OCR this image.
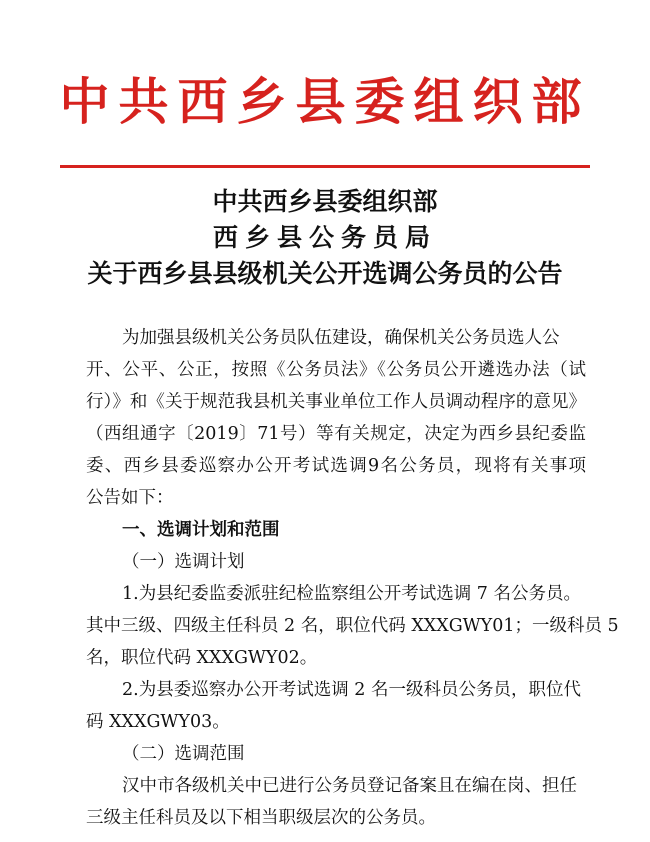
中共西乡县委组织部
中共西乡县委组织部
西乡县公务员局
关于西乡县县级机关公开选调公务员的公告
为加强县级机关公务员队伍建设，确保机关公务员选人公
开、公平、公正，按照《公务员法》《公务员公开遴选办法（试
行）》和《关于规范我县机关事业单位工作人员调动程序的意见》
（西组通字〔2019〕71号）等有关规定，决定为西乡县纪委监
委、西乡县委巡察办公开考试选调9名公务员，现将有关事项
公告如下：
一、选调计划和范围
（一）选调计划
1.为县纪委监委派驻纪检监察组公开考试选调 7 名公务员。
其中三级、四级主任科员 2 名，职位代码 XXXGWY01；一级科员 5
名，职位代码 XXXGWY02。
2.为县委巡察办公开考试选调 2 名一级科员公务员，职位代
码 XXXGWY03。
（二）选调范围
汉中市各级机关中已进行公务员登记备案且在编在岗、担任
三级主任科员及以下相当职级层次的公务员。
